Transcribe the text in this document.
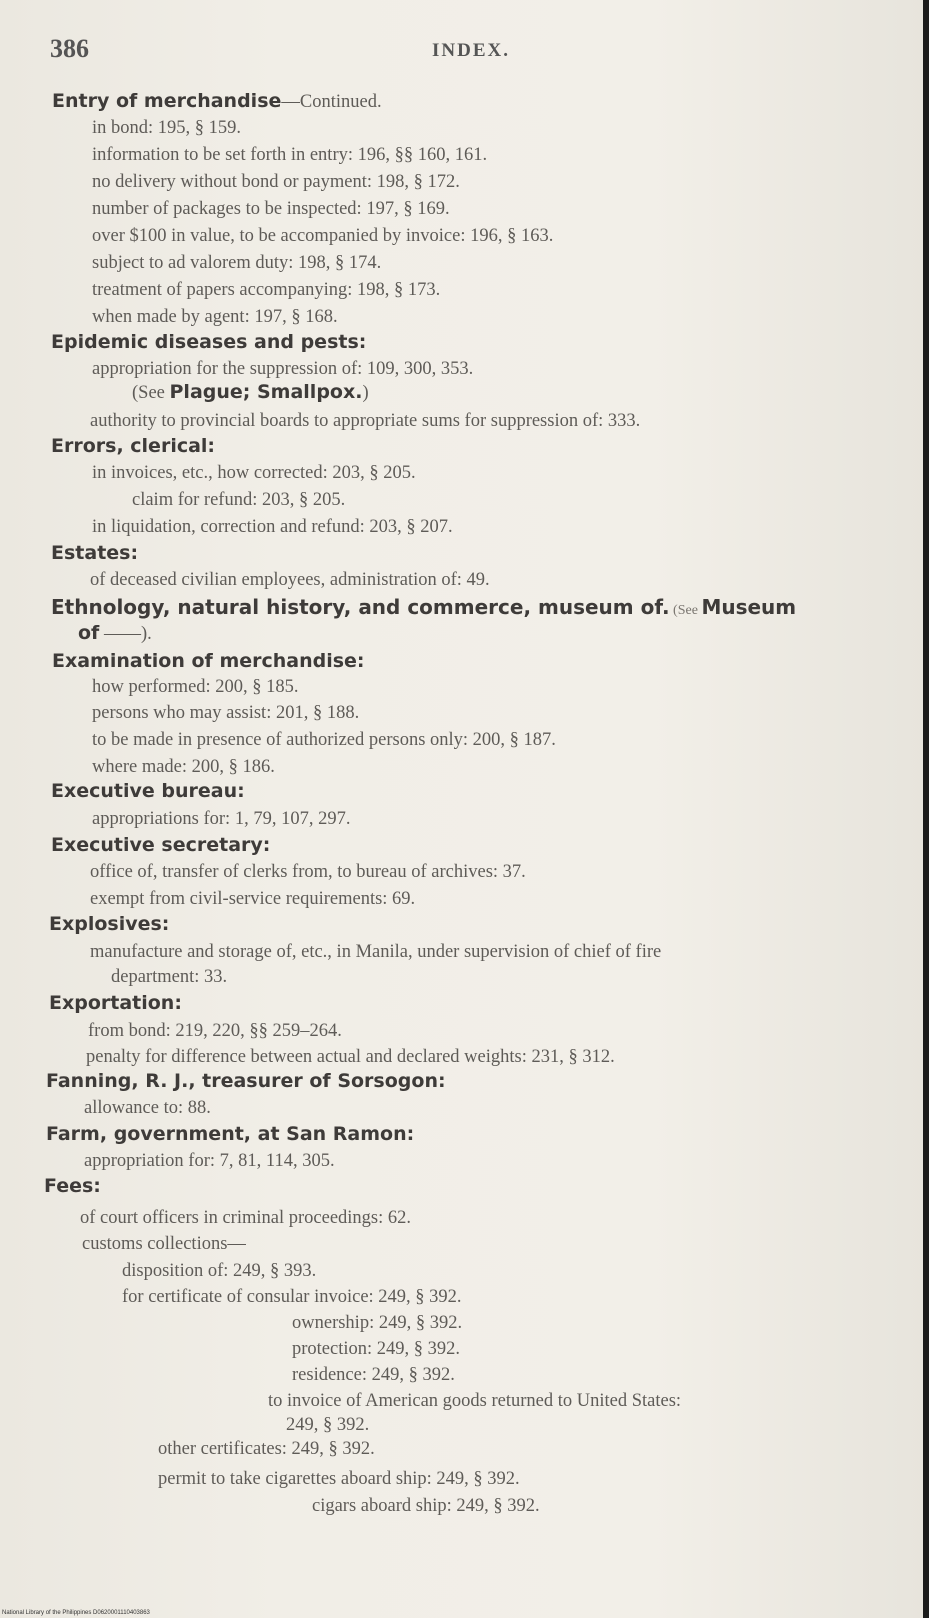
386	INDEX.
Entry of merchandise—Continued.
in bond: 195, § 159.
information to be set forth in entry: 196, §§ 160, 161.
no delivery without bond or payment: 198, § 172.
number of packages to be inspected: 197, § 169.
over $100 in value, to be accompanied by invoice: 196, § 163.
subject to ad valorem duty: 198, § 174.
treatment of papers accompanying: 198, § 173.
when made by agent: 197, § 168.
Epidemic diseases and pests:
appropriation for the suppression of: 109, 300, 353.
(See Plague; Smallpox.)
authority to provincial boards to appropriate sums for suppression of: 333.
Errors, clerical:
in invoices, etc., how corrected: 203, § 205.
claim for refund: 203, § 205.
in liquidation, correction and refund: 203, § 207.
Estates:
of deceased civilian employees, administration of: 49.
Ethnology, natural history, and commerce, museum of. (See Museum
of ——).
Examination of merchandise:
how performed: 200, § 185.
persons who may assist: 201, § 188.
to be made in presence of authorized persons only: 200, § 187.
where made: 200, § 186.
Executive bureau:
appropriations for: 1, 79, 107, 297.
Executive secretary:
office of, transfer of clerks from, to bureau of archives: 37.
exempt from civil-service requirements: 69.
Explosives:
manufacture and storage of, etc., in Manila, under supervision of chief of fire
department: 33.
Exportation:
from bond: 219, 220, §§ 259–264.
penalty for difference between actual and declared weights: 231, § 312.
Fanning, R. J., treasurer of Sorsogon:
allowance to: 88.
Farm, government, at San Ramon:
appropriation for: 7, 81, 114, 305.
Fees:
of court officers in criminal proceedings: 62.
customs collections—
disposition of: 249, § 393.
for certificate of consular invoice: 249, § 392.
ownership: 249, § 392.
protection: 249, § 392.
residence: 249, § 392.
to invoice of American goods returned to United States:
249, § 392.
other certificates: 249, § 392.
permit to take cigarettes aboard ship: 249, § 392.
cigars aboard ship: 249, § 392.
National Library of the Philippines D0620001110403863
